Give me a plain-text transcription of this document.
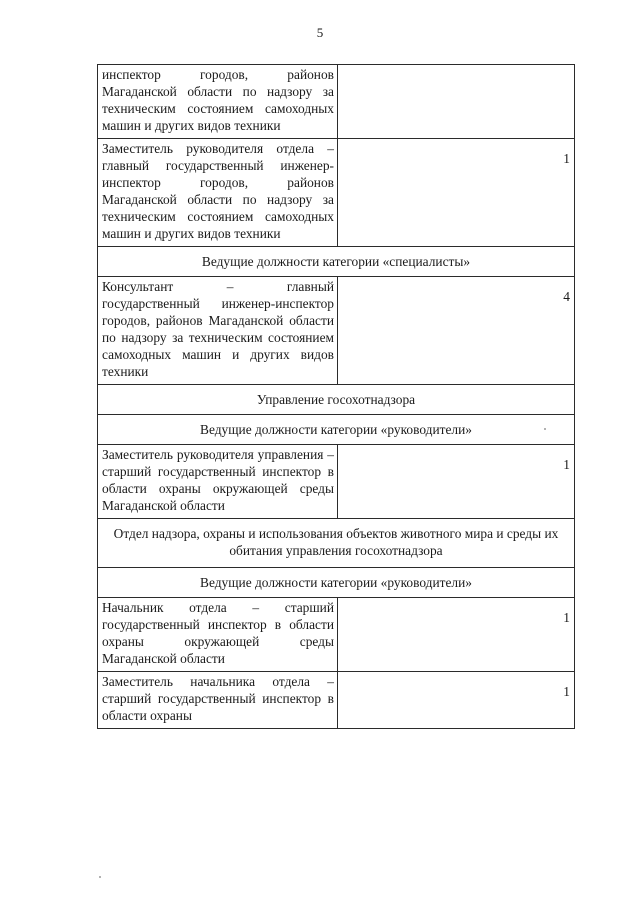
5
инспектор городов, районов Магаданской области по надзору за техническим состоянием самоходных машин и других видов техники	
Заместитель руководителя отдела – главный государственный инженер-инспектор городов, районов Магаданской области по надзору за техническим состоянием самоходных машин и других видов техники	1
Ведущие должности категории «специалисты»	
Консультант – главный государственный инженер-инспектор городов, районов Магаданской области по надзору за техническим состоянием самоходных машин и других видов техники	4
Управление госохотнадзора	
Ведущие должности категории «руководители»	
Заместитель руководителя управления – старший государственный инспектор в области охраны окружающей среды Магаданской области	1
Отдел надзора, охраны и использования объектов животного мира и среды их обитания управления госохотнадзора	
Ведущие должности категории «руководители»	
Начальник отдела – старший государственный инспектор в области охраны окружающей среды Магаданской области	1
Заместитель начальника отдела – старший государственный инспектор в области охраны	1
